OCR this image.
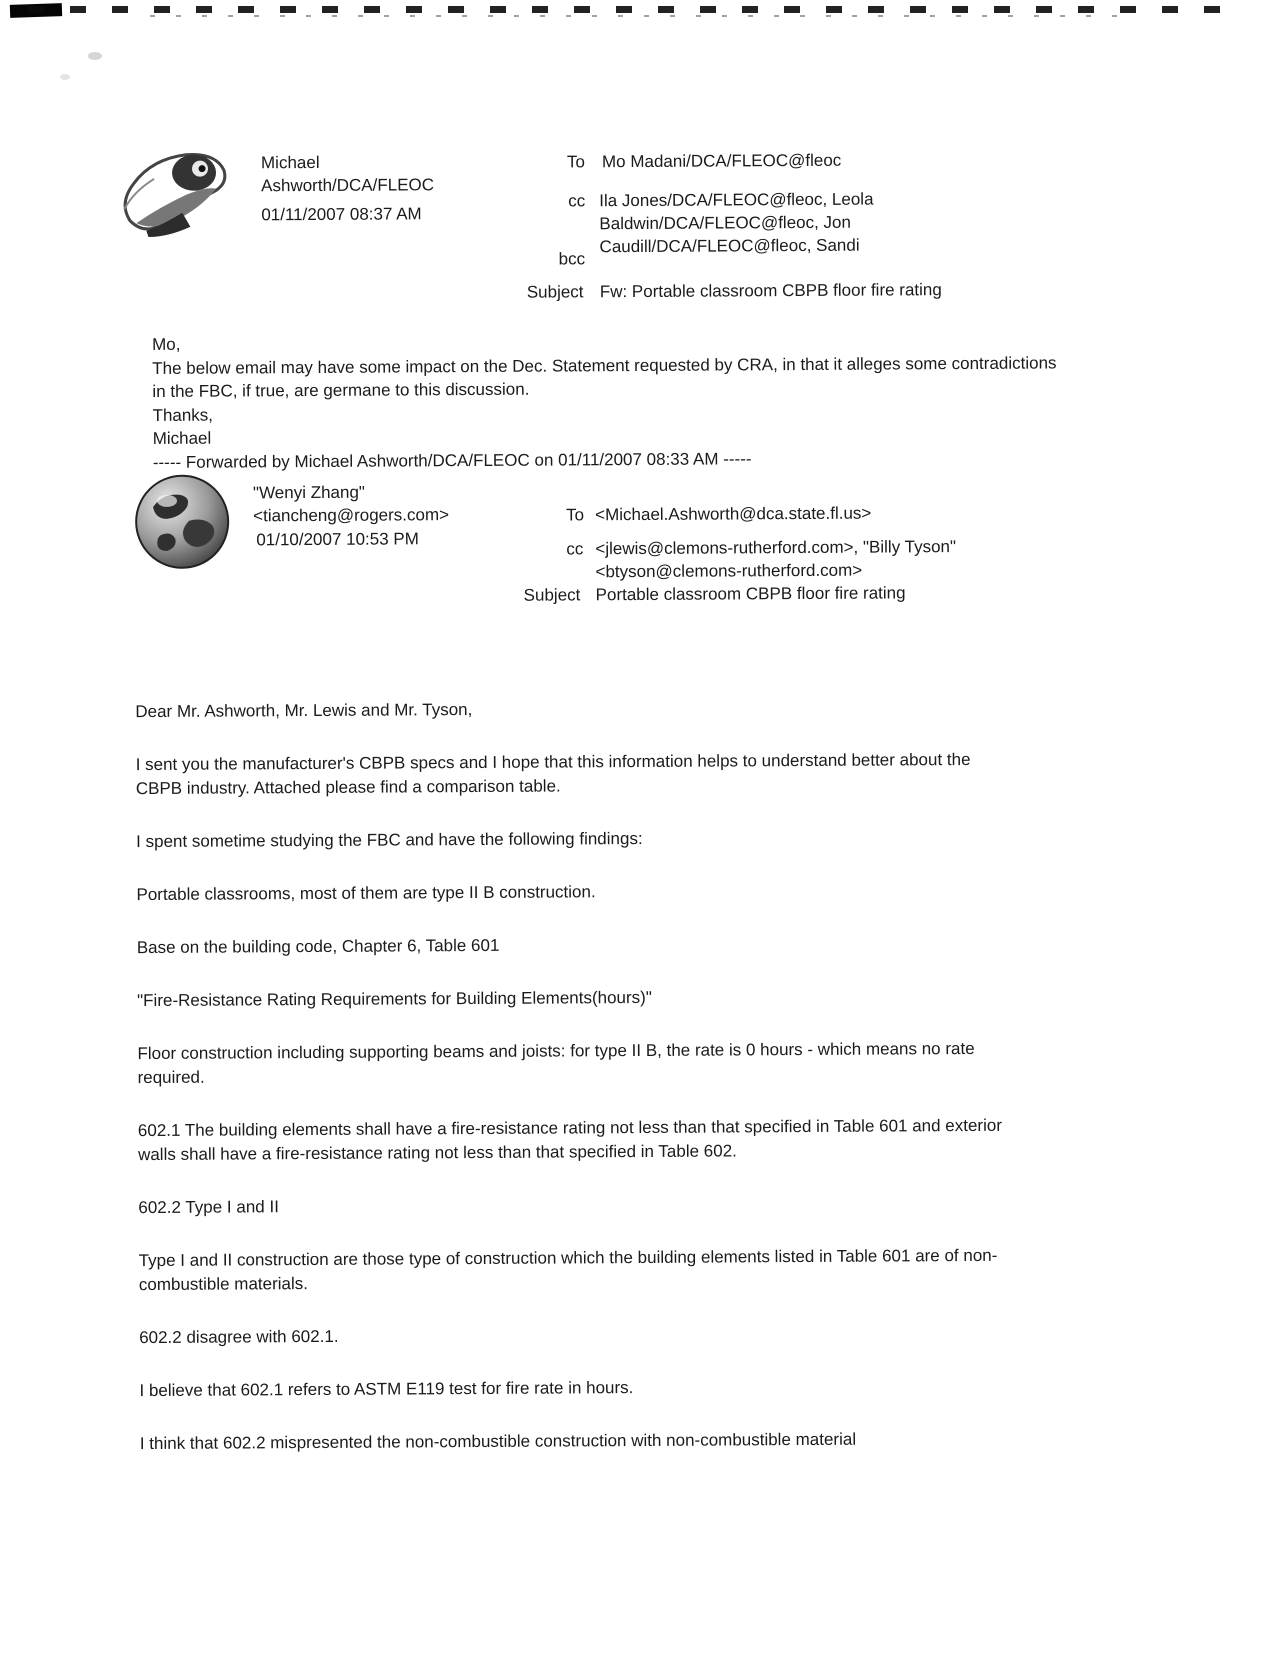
Michael Ashworth/DCA/FLEOC
01/11/2007 08:37 AM
To Mo Madani/DCA/FLEOC@fleoc
cc Ila Jones/DCA/FLEOC@fleoc, Leola
Baldwin/DCA/FLEOC@fleoc, Jon
Caudill/DCA/FLEOC@fleoc, Sandi
bcc
Subject Fw: Portable classroom CBPB floor fire rating
Mo,
The below email may have some impact on the Dec. Statement requested by CRA, in that it alleges some contradictions in the FBC, if true, are germane to this discussion.
Thanks,
Michael
----- Forwarded by Michael Ashworth/DCA/FLEOC on 01/11/2007 08:33 AM -----
"Wenyi Zhang"
<tiancheng@rogers.com>
01/10/2007 10:53 PM
To <Michael.Ashworth@dca.state.fl.us>
cc <jlewis@clemons-rutherford.com>, "Billy Tyson"
<btyson@clemons-rutherford.com>
Subject Portable classroom CBPB floor fire rating

Dear Mr. Ashworth, Mr. Lewis and Mr. Tyson,

I sent you the manufacturer's CBPB specs and I hope that this information helps to understand better about the CBPB industry. Attached please find a comparison table.

I spent sometime studying the FBC and have the following findings:

Portable classrooms, most of them are type II B construction.

Base on the building code, Chapter 6, Table 601

"Fire-Resistance Rating Requirements for Building Elements(hours)"

Floor construction including supporting beams and joists: for type II B, the rate is 0 hours - which means no rate required.

602.1 The building elements shall have a fire-resistance rating not less than that specified in Table 601 and exterior walls shall have a fire-resistance rating not less than that specified in Table 602.

602.2 Type I and II

Type I and II construction are those type of construction which the building elements listed in Table 601 are of non-combustible materials.

602.2 disagree with 602.1.

I believe that 602.1 refers to ASTM E119 test for fire rate in hours.

I think that 602.2 mispresented the non-combustible construction with non-combustible material
